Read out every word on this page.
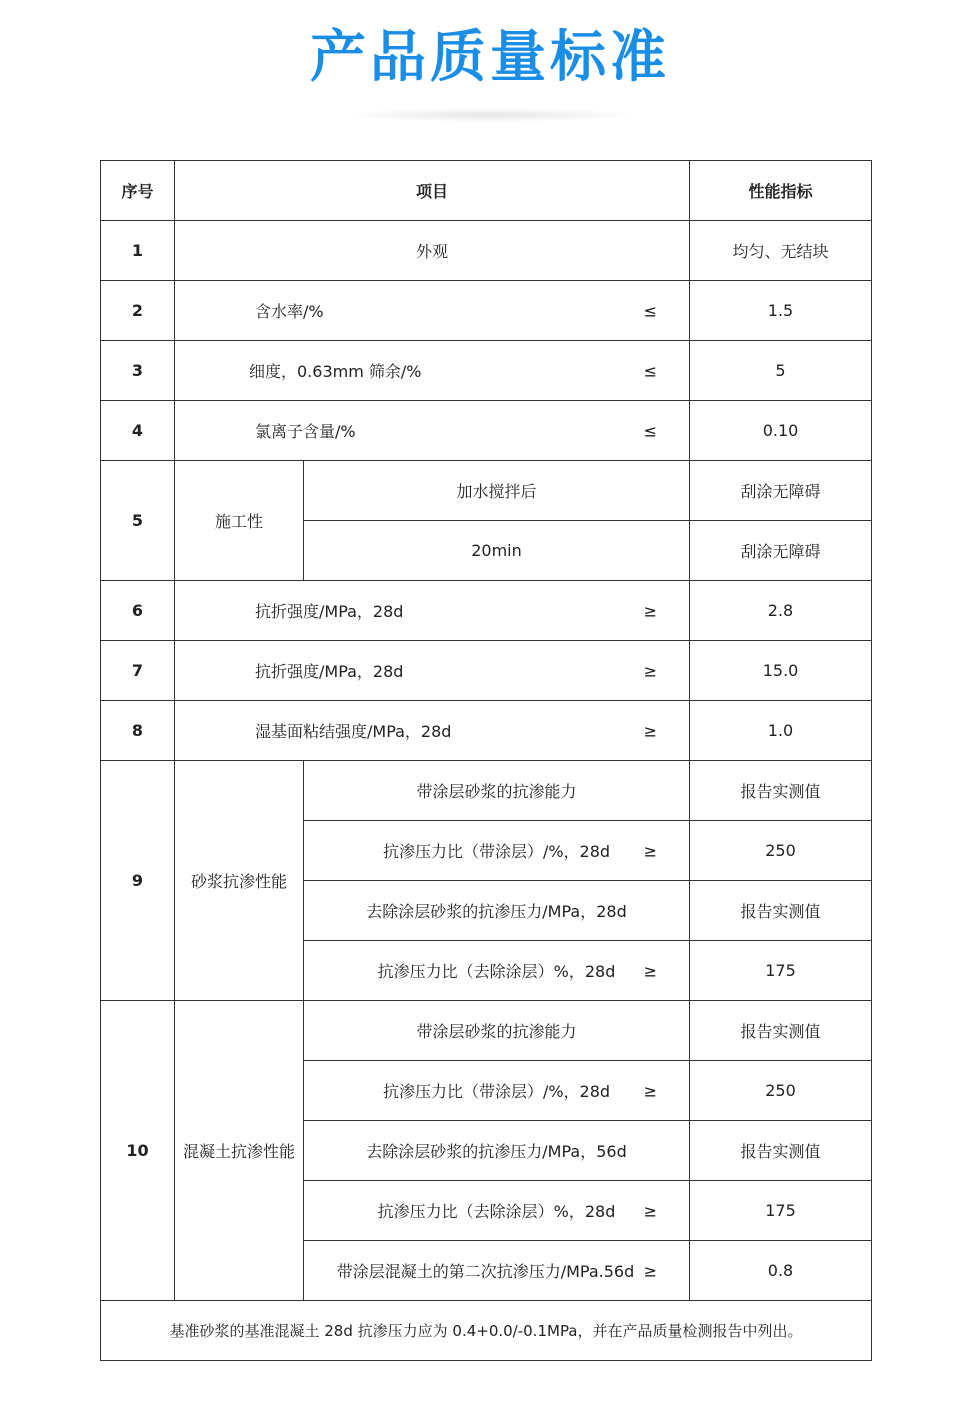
产品质量标准
序号	项目		性能指标
1	外观		均匀、无结块
2	含水率/% ≤		1.5
3	细度，0.63mm 筛余/% ≤		5
4	氯离子含量/% ≤		0.10
5	施工性	加水搅拌后	刮涂无障碍
		20min	刮涂无障碍
6	抗折强度/MPa，28d ≥		2.8
7	抗折强度/MPa，28d ≥		15.0
8	湿基面粘结强度/MPa，28d ≥		1.0
9	砂浆抗渗性能	带涂层砂浆的抗渗能力	报告实测值
		抗渗压力比（带涂层）/%，28d ≥	250
		去除涂层砂浆的抗渗压力/MPa，28d	报告实测值
		抗渗压力比（去除涂层）%，28d ≥	175
10	混凝土抗渗性能	带涂层砂浆的抗渗能力	报告实测值
		抗渗压力比（带涂层）/%，28d ≥	250
		去除涂层砂浆的抗渗压力/MPa，56d	报告实测值
		抗渗压力比（去除涂层）%，28d ≥	175
		带涂层混凝土的第二次抗渗压力/MPa.56d ≥	0.8
基准砂浆的基准混凝土 28d 抗渗压力应为 0.4+0.0/-0.1MPa，并在产品质量检测报告中列出。			
